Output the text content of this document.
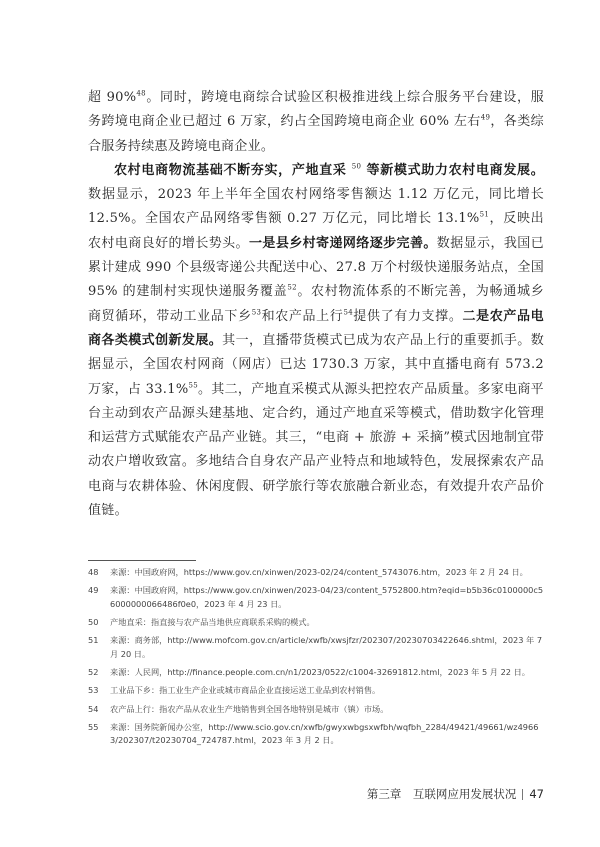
超 90%$^{48}$。同时，跨境电商综合试验区积极推进线上综合服务平台建设，服务跨境电商企业已超过 6 万家，约占全国跨境电商企业 60% 左右$^{49}$，各类综合服务持续惠及跨境电商企业。

农村电商物流基础不断夯实，产地直采 $^{50}$ 等新模式助力农村电商发展。数据显示，2023 年上半年全国农村网络零售额达 1.12 万亿元，同比增长 12.5%。全国农产品网络零售额 0.27 万亿元，同比增长 13.1%$^{51}$，反映出农村电商良好的增长势头。一是县乡村寄递网络逐步完善。数据显示，我国已累计建成 990 个县级寄递公共配送中心、27.8 万个村级快递服务站点，全国 95% 的建制村实现快递服务覆盖$^{52}$。农村物流体系的不断完善，为畅通城乡商贸循环，带动工业品下乡$^{53}$和农产品上行$^{54}$提供了有力支撑。二是农产品电商各类模式创新发展。其一，直播带货模式已成为农产品上行的重要抓手。数据显示，全国农村网商（网店）已达 1730.3 万家，其中直播电商有 573.2 万家，占 33.1%$^{55}$。其二，产地直采模式从源头把控农产品质量。多家电商平台主动到农产品源头建基地、定合约，通过产地直采等模式，借助数字化管理和运营方式赋能农产品产业链。其三，“电商 + 旅游 + 采摘”模式因地制宜带动农户增收致富。多地结合自身农产品产业特点和地域特色，发展探索农产品电商与农耕体验、休闲度假、研学旅行等农旅融合新业态，有效提升农产品价值链。

48 来源：中国政府网，https://www.gov.cn/xinwen/2023-02/24/content_5743076.htm，2023 年 2 月 24 日。
49 来源：中国政府网，https://www.gov.cn/xinwen/2023-04/23/content_5752800.htm?eqid=b5b36c0100000c56000000066486f0e0，2023 年 4 月 23 日。
50 产地直采：指直接与农产品当地供应商联系采购的模式。
51 来源：商务部，http://www.mofcom.gov.cn/article/xwfb/xwsjfzr/202307/20230703422646.shtml，2023 年 7 月 20 日。
52 来源：人民网，http://finance.people.com.cn/n1/2023/0522/c1004-32691812.html，2023 年 5 月 22 日。
53 工业品下乡：指工业生产企业或城市商品企业直接运送工业品到农村销售。
54 农产品上行：指农产品从农业生产地销售到全国各地特别是城市（镇）市场。
55 来源：国务院新闻办公室，http://www.scio.gov.cn/xwfb/gwyxwbgsxwfbh/wqfbh_2284/49421/49661/wz49663/202307/t20230704_724787.html，2023 年 3 月 2 日。
第三章　互联网应用发展状况 47
